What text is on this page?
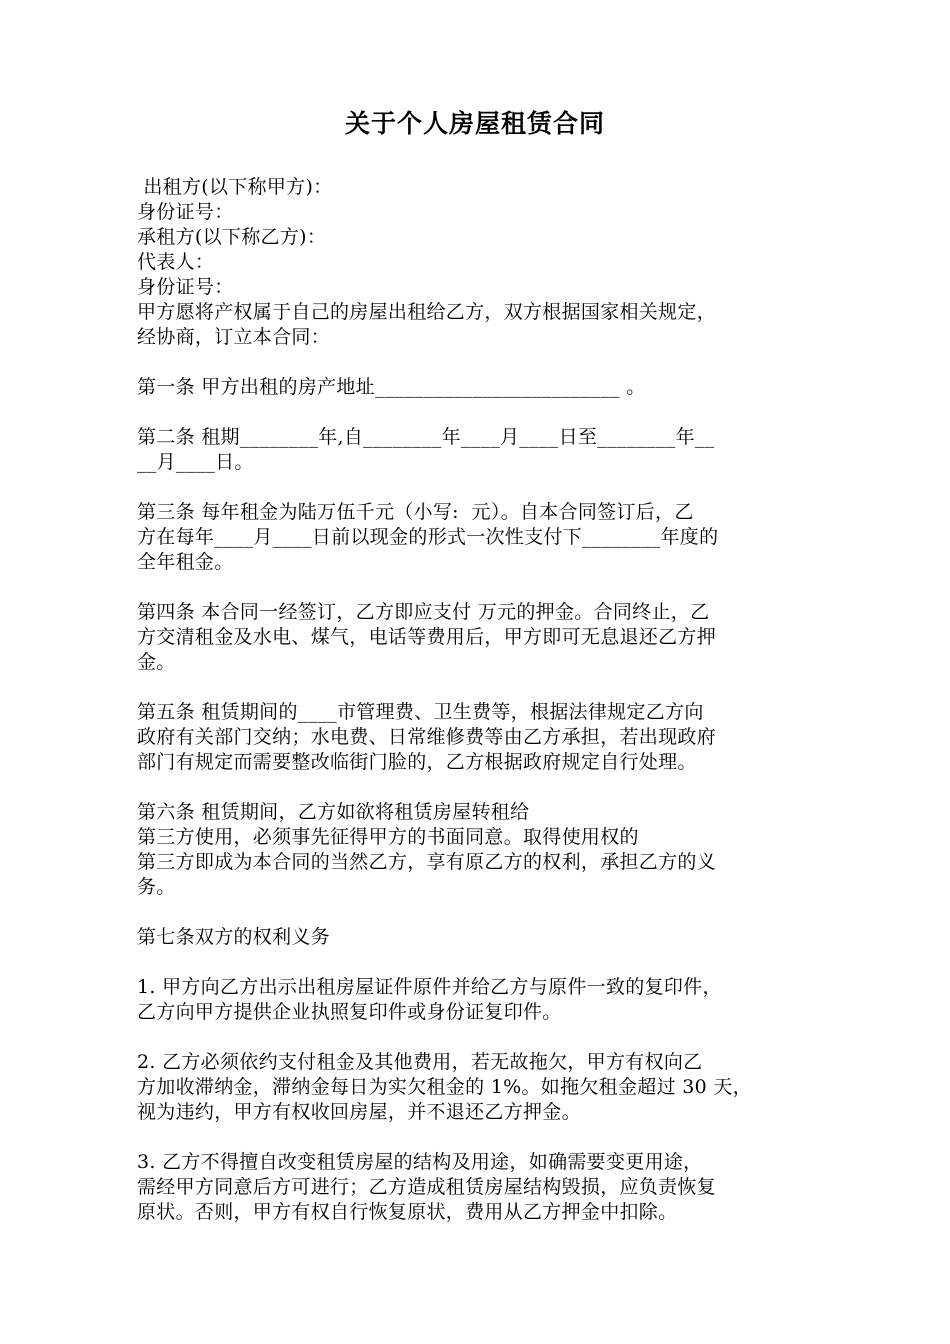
关于个人房屋租赁合同
出租方(以下称甲方)：
身份证号：
承租方(以下称乙方)：
代表人：
身份证号：
甲方愿将产权属于自己的房屋出租给乙方，双方根据国家相关规定，
经协商，订立本合同：
第一条 甲方出租的房产地址_________________________ 。
第二条 租期________年,自________年____月____日至________年__
__月____日。
第三条 每年租金为陆万伍千元（小写:  元）。自本合同签订后，乙
方在每年____月____日前以现金的形式一次性支付下________年度的
全年租金。
第四条 本合同一经签订，乙方即应支付 万元的押金。合同终止，乙
方交清租金及水电、煤气，电话等费用后，甲方即可无息退还乙方押
金。
第五条 租赁期间的____市管理费、卫生费等，根据法律规定乙方向
政府有关部门交纳；水电费、日常维修费等由乙方承担，若出现政府
部门有规定而需要整改临街门脸的，乙方根据政府规定自行处理。
第六条 租赁期间，乙方如欲将租赁房屋转租给
第三方使用，必须事先征得甲方的书面同意。取得使用权的
第三方即成为本合同的当然乙方，享有原乙方的权利，承担乙方的义
务。
第七条双方的权利义务
1. 甲方向乙方出示出租房屋证件原件并给乙方与原件一致的复印件，
乙方向甲方提供企业执照复印件或身份证复印件。
2. 乙方必须依约支付租金及其他费用，若无故拖欠，甲方有权向乙
方加收滞纳金，滞纳金每日为实欠租金的 1%。如拖欠租金超过 30 天，
视为违约，甲方有权收回房屋，并不退还乙方押金。
3. 乙方不得擅自改变租赁房屋的结构及用途，如确需要变更用途，
需经甲方同意后方可进行；乙方造成租赁房屋结构毁损，应负责恢复
原状。否则，甲方有权自行恢复原状，费用从乙方押金中扣除。
